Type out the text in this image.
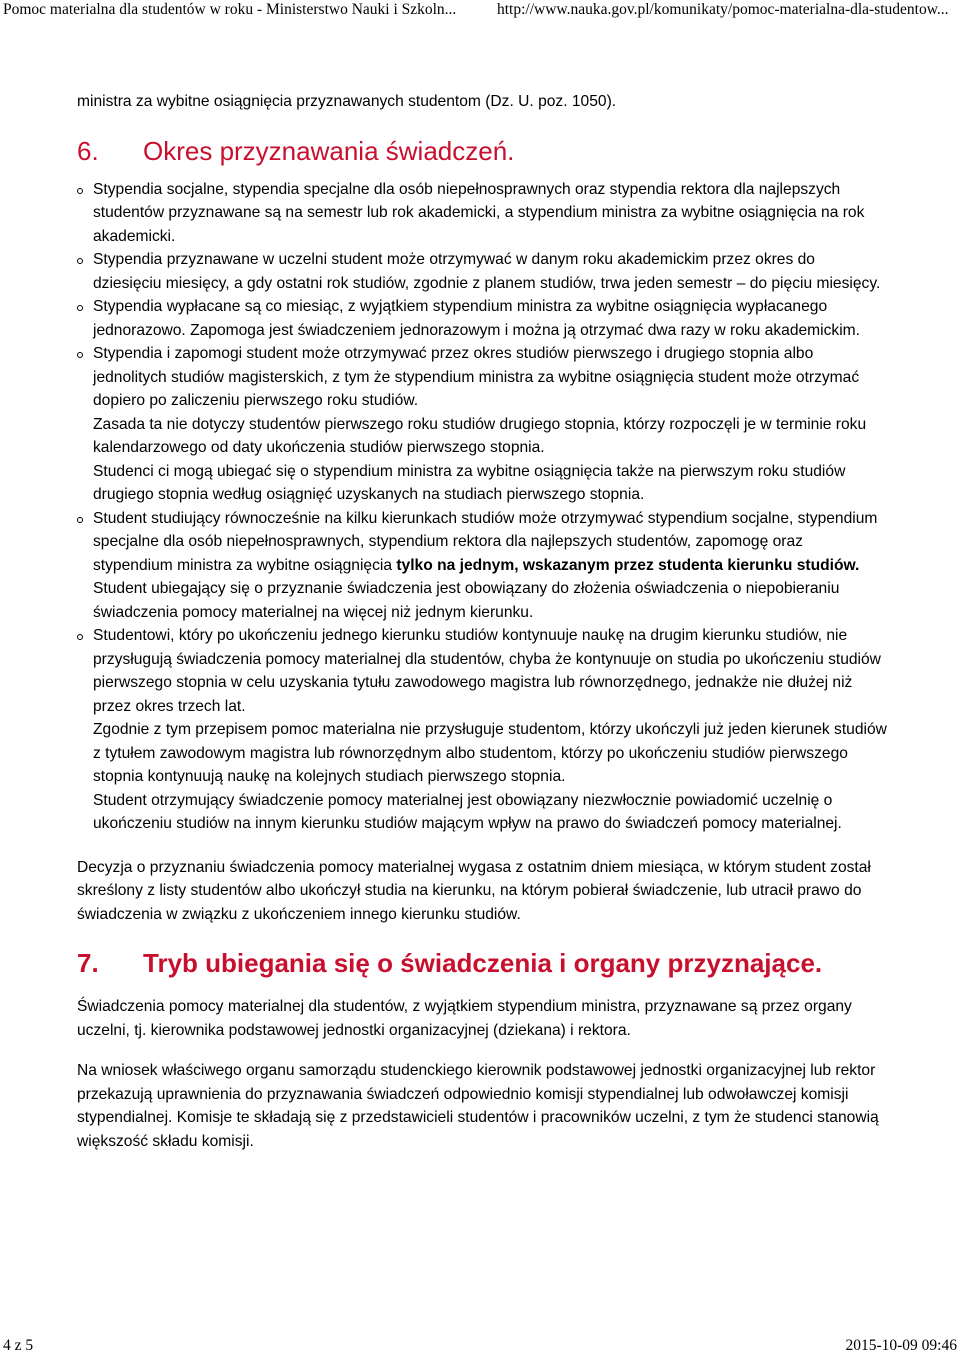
Pomoc materialna dla studentów w roku - Ministerstwo Nauki i Szkoln...	http://www.nauka.gov.pl/komunikaty/pomoc-materialna-dla-studentow...

ministra za wybitne osiągnięcia przyznawanych studentom (Dz. U. poz. 1050).

6. Okres przyznawania świadczeń.

Stypendia socjalne, stypendia specjalne dla osób niepełnosprawnych oraz stypendia rektora dla najlepszych studentów przyznawane są na semestr lub rok akademicki, a stypendium ministra za wybitne osiągnięcia na rok akademicki.

Stypendia przyznawane w uczelni student może otrzymywać w danym roku akademickim przez okres do dziesięciu miesięcy, a gdy ostatni rok studiów, zgodnie z planem studiów, trwa jeden semestr – do pięciu miesięcy.

Stypendia wypłacane są co miesiąc, z wyjątkiem stypendium ministra za wybitne osiągnięcia wypłacanego jednorazowo. Zapomoga jest świadczeniem jednorazowym i można ją otrzymać dwa razy w roku akademickim.

Stypendia i zapomogi student może otrzymywać przez okres studiów pierwszego i drugiego stopnia albo jednolitych studiów magisterskich, z tym że stypendium ministra za wybitne osiągnięcia student może otrzymać dopiero po zaliczeniu pierwszego roku studiów.

Zasada ta nie dotyczy studentów pierwszego roku studiów drugiego stopnia, którzy rozpoczęli je w terminie roku kalendarzowego od daty ukończenia studiów pierwszego stopnia.

Studenci ci mogą ubiegać się o stypendium ministra za wybitne osiągnięcia także na pierwszym roku studiów drugiego stopnia według osiągnięć uzyskanych na studiach pierwszego stopnia.

Student studiujący równocześnie na kilku kierunkach studiów może otrzymywać stypendium socjalne, stypendium specjalne dla osób niepełnosprawnych, stypendium rektora dla najlepszych studentów, zapomogę oraz stypendium ministra za wybitne osiągnięcia tylko na jednym, wskazanym przez studenta kierunku studiów.

Student ubiegający się o przyznanie świadczenia jest obowiązany do złożenia oświadczenia o niepobieraniu świadczenia pomocy materialnej na więcej niż jednym kierunku.

Studentowi, który po ukończeniu jednego kierunku studiów kontynuuje naukę na drugim kierunku studiów, nie przysługują świadczenia pomocy materialnej dla studentów, chyba że kontynuuje on studia po ukończeniu studiów pierwszego stopnia w celu uzyskania tytułu zawodowego magistra lub równorzędnego, jednakże nie dłużej niż przez okres trzech lat.

Zgodnie z tym przepisem pomoc materialna nie przysługuje studentom, którzy ukończyli już jeden kierunek studiów z tytułem zawodowym magistra lub równorzędnym albo studentom, którzy po ukończeniu studiów pierwszego stopnia kontynuują naukę na kolejnych studiach pierwszego stopnia.

Student otrzymujący świadczenie pomocy materialnej jest obowiązany niezwłocznie powiadomić uczelnię o ukończeniu studiów na innym kierunku studiów mającym wpływ na prawo do świadczeń pomocy materialnej.

Decyzja o przyznaniu świadczenia pomocy materialnej wygasa z ostatnim dniem miesiąca, w którym student został skreślony z listy studentów albo ukończył studia na kierunku, na którym pobierał świadczenie, lub utracił prawo do świadczenia w związku z ukończeniem innego kierunku studiów.

7. Tryb ubiegania się o świadczenia i organy przyznające.

Świadczenia pomocy materialnej dla studentów, z wyjątkiem stypendium ministra, przyznawane są przez organy uczelni, tj. kierownika podstawowej jednostki organizacyjnej (dziekana) i rektora.

Na wniosek właściwego organu samorządu studenckiego kierownik podstawowej jednostki organizacyjnej lub rektor przekazują uprawnienia do przyznawania świadczeń odpowiednio komisji stypendialnej lub odwoławczej komisji stypendialnej. Komisje te składają się z przedstawicieli studentów i pracowników uczelni, z tym że studenci stanowią większość składu komisji.

4 z 5	2015-10-09 09:46
